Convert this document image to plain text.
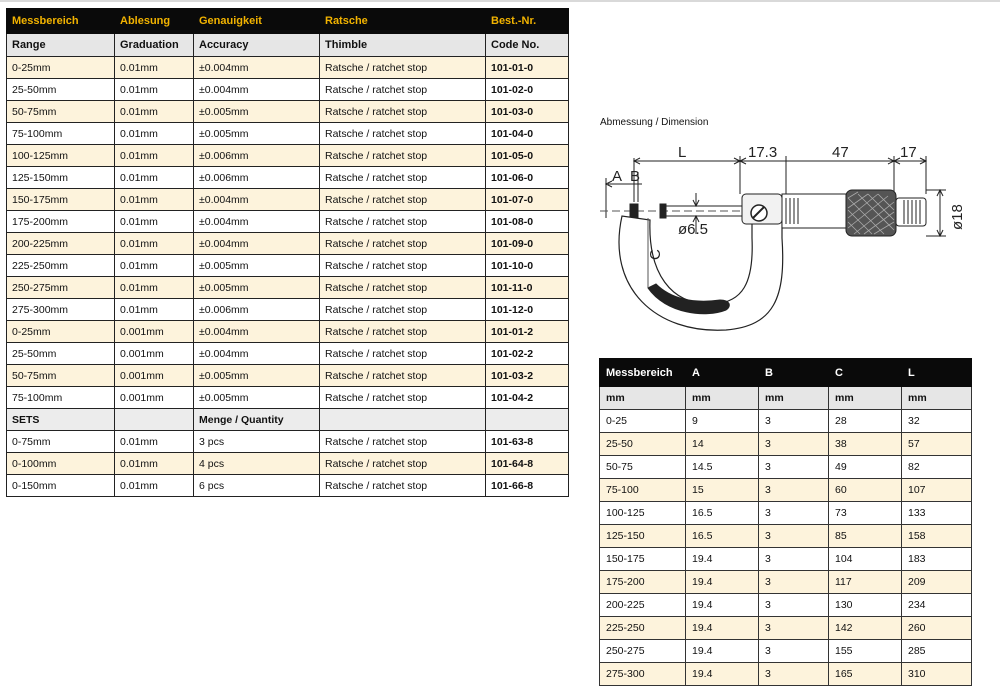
Messbereich	Ablesung	Genauigkeit	Ratsche	Best.-Nr.
Range	Graduation	Accuracy	Thimble	Code No.
0-25mm	0.01mm	±0.004mm	Ratsche / ratchet stop	101-01-0
25-50mm	0.01mm	±0.004mm	Ratsche / ratchet stop	101-02-0
50-75mm	0.01mm	±0.005mm	Ratsche / ratchet stop	101-03-0
75-100mm	0.01mm	±0.005mm	Ratsche / ratchet stop	101-04-0
100-125mm	0.01mm	±0.006mm	Ratsche / ratchet stop	101-05-0
125-150mm	0.01mm	±0.006mm	Ratsche / ratchet stop	101-06-0
150-175mm	0.01mm	±0.004mm	Ratsche / ratchet stop	101-07-0
175-200mm	0.01mm	±0.004mm	Ratsche / ratchet stop	101-08-0
200-225mm	0.01mm	±0.004mm	Ratsche / ratchet stop	101-09-0
225-250mm	0.01mm	±0.005mm	Ratsche / ratchet stop	101-10-0
250-275mm	0.01mm	±0.005mm	Ratsche / ratchet stop	101-11-0
275-300mm	0.01mm	±0.006mm	Ratsche / ratchet stop	101-12-0
0-25mm	0.001mm	±0.004mm	Ratsche / ratchet stop	101-01-2
25-50mm	0.001mm	±0.004mm	Ratsche / ratchet stop	101-02-2
50-75mm	0.001mm	±0.005mm	Ratsche / ratchet stop	101-03-2
75-100mm	0.001mm	±0.005mm	Ratsche / ratchet stop	101-04-2
SETS		Menge / Quantity		
0-75mm	0.01mm	3 pcs	Ratsche / ratchet stop	101-63-8
0-100mm	0.01mm	4 pcs	Ratsche / ratchet stop	101-64-8
0-150mm	0.01mm	6 pcs	Ratsche / ratchet stop	101-66-8
Abmessung / Dimension
L	17.3	47	17
A B
ø6.5
C
ø18
Messbereich	A	B	C	L
mm	mm	mm	mm	mm
0-25	9	3	28	32
25-50	14	3	38	57
50-75	14.5	3	49	82
75-100	15	3	60	107
100-125	16.5	3	73	133
125-150	16.5	3	85	158
150-175	19.4	3	104	183
175-200	19.4	3	117	209
200-225	19.4	3	130	234
225-250	19.4	3	142	260
250-275	19.4	3	155	285
275-300	19.4	3	165	310
